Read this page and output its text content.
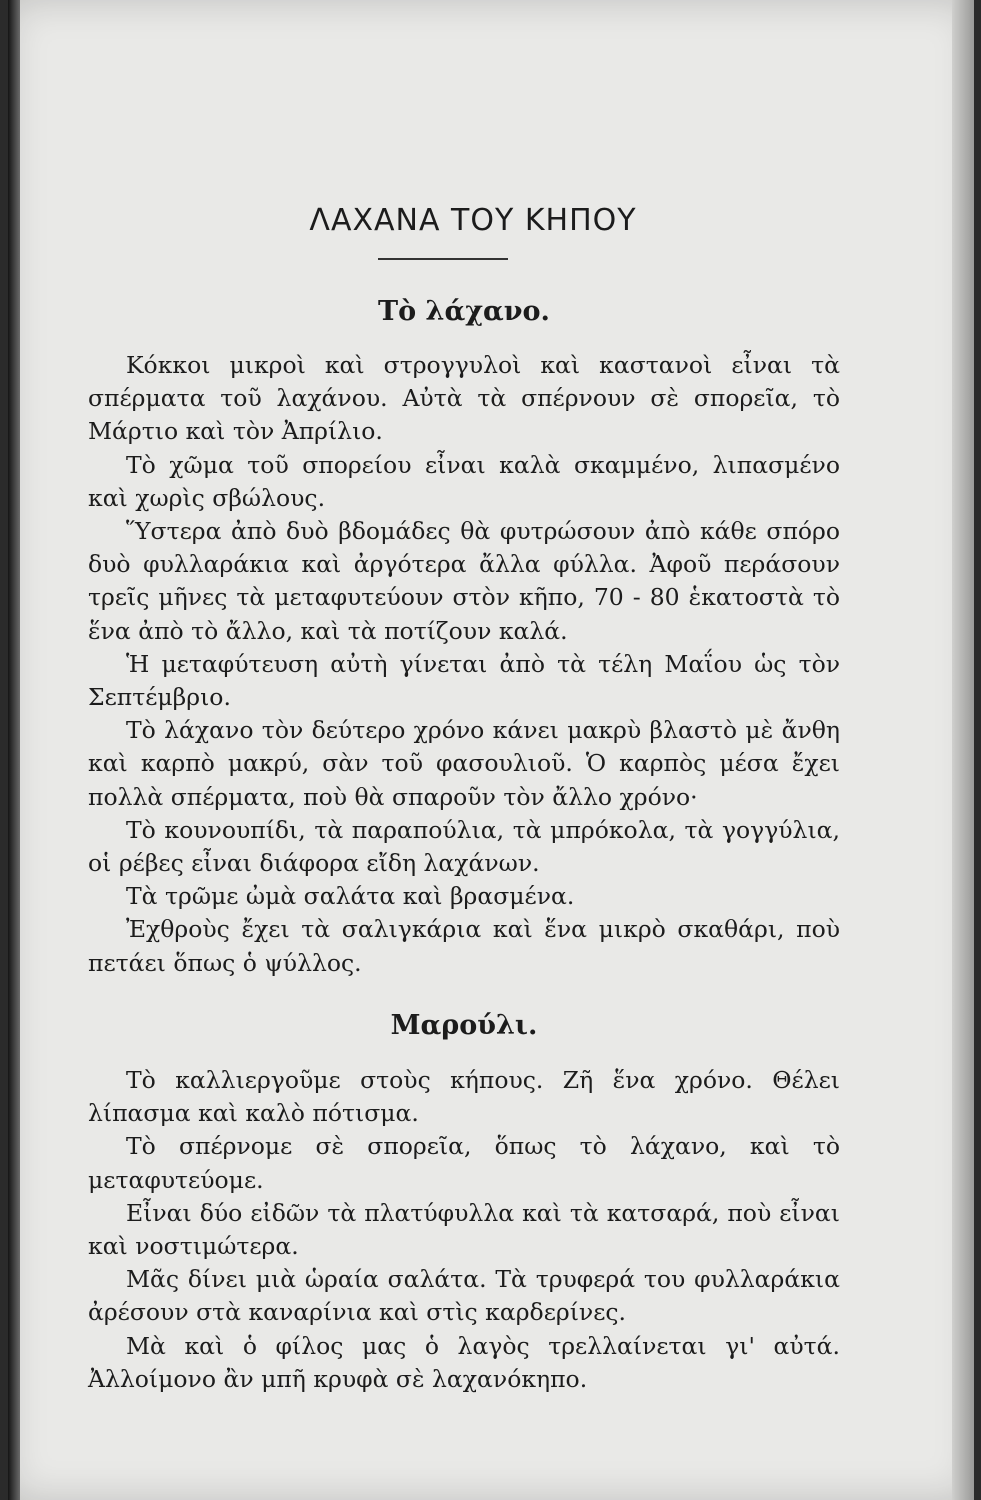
ΛΑΧΑΝΑ ΤΟΥ ΚΗΠΟΥ
Τὸ λάχανο.

Κόκκοι μικροὶ καὶ στρογγυλοὶ καὶ καστανοὶ εἶναι τὰ σπέρματα τοῦ λαχάνου. Αὐτὰ τὰ σπέρνουν σὲ σπορεῖα, τὸ Μάρτιο καὶ τὸν Ἀπρίλιο.

Τὸ χῶμα τοῦ σπορείου εἶναι καλὰ σκαμμένο, λιπασμένο καὶ χωρὶς σβώλους.

Ὕστερα ἀπὸ δυὸ βδομάδες θὰ φυτρώσουν ἀπὸ κάθε σπόρο δυὸ φυλλαράκια καὶ ἀργότερα ἄλλα φύλλα. Ἀφοῦ περάσουν τρεῖς μῆνες τὰ μεταφυτεύουν στὸν κῆπο, 70 - 80 ἑκατοστὰ τὸ ἕνα ἀπὸ τὸ ἄλλο, καὶ τὰ ποτίζουν καλά.

Ἡ μεταφύτευση αὐτὴ γίνεται ἀπὸ τὰ τέλη Μαΐου ὡς τὸν Σεπτέμβριο.

Τὸ λάχανο τὸν δεύτερο χρόνο κάνει μακρὺ βλαστὸ μὲ ἄνθη καὶ καρπὸ μακρύ, σὰν τοῦ φασουλιοῦ. Ὁ καρπὸς μέσα ἔχει πολλὰ σπέρματα, ποὺ θὰ σπαροῦν τὸν ἄλλο χρόνο·

Τὸ κουνουπίδι, τὰ παραπούλια, τὰ μπρόκολα, τὰ γογγύλια, οἱ ρέβες εἶναι διάφορα εἴδη λαχάνων.

Τὰ τρῶμε ὠμὰ σαλάτα καὶ βρασμένα.

Ἐχθροὺς ἔχει τὰ σαλιγκάρια καὶ ἕνα μικρὸ σκαθάρι, ποὺ πετάει ὅπως ὁ ψύλλος.

Μαρούλι.

Τὸ καλλιεργοῦμε στοὺς κήπους. Ζῆ ἕνα χρόνο. Θέλει λίπασμα καὶ καλὸ πότισμα.

Τὸ σπέρνομε σὲ σπορεῖα, ὅπως τὸ λάχανο, καὶ τὸ μεταφυτεύομε.

Εἶναι δύο εἰδῶν τὰ πλατύφυλλα καὶ τὰ κατσαρά, ποὺ εἶναι καὶ νοστιμώτερα.

Μᾶς δίνει μιὰ ὡραία σαλάτα. Τὰ τρυφερά του φυλλαράκια ἀρέσουν στὰ καναρίνια καὶ στὶς καρδερίνες.

Μὰ καὶ ὁ φίλος μας ὁ λαγὸς τρελλαίνεται γι' αὐτά. Ἀλλοίμονο ἂν μπῆ κρυφὰ σὲ λαχανόκηπο.
